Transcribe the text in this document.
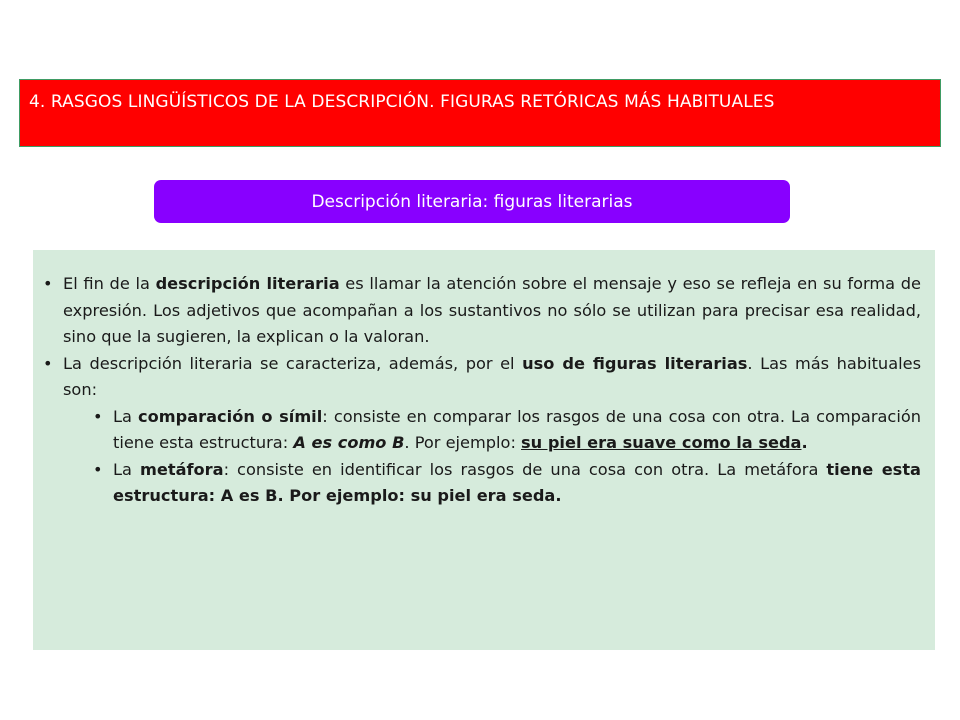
4. RASGOS LINGÜÍSTICOS DE LA DESCRIPCIÓN. FIGURAS RETÓRICAS MÁS HABITUALES
Descripción literaria: figuras literarias
• El fin de la descripción literaria es llamar la atención sobre el mensaje y eso se refleja en su forma de expresión. Los adjetivos que acompañan a los sustantivos no sólo se utilizan para precisar esa realidad, sino que la sugieren, la explican o la valoran.
• La descripción literaria se caracteriza, además, por el uso de figuras literarias. Las más habituales son:
• La comparación o símil: consiste en comparar los rasgos de una cosa con otra. La comparación tiene esta estructura: A es como B. Por ejemplo: su piel era suave como la seda.
• La metáfora: consiste en identificar los rasgos de una cosa con otra. La metáfora tiene esta estructura: A es B. Por ejemplo: su piel era seda.
